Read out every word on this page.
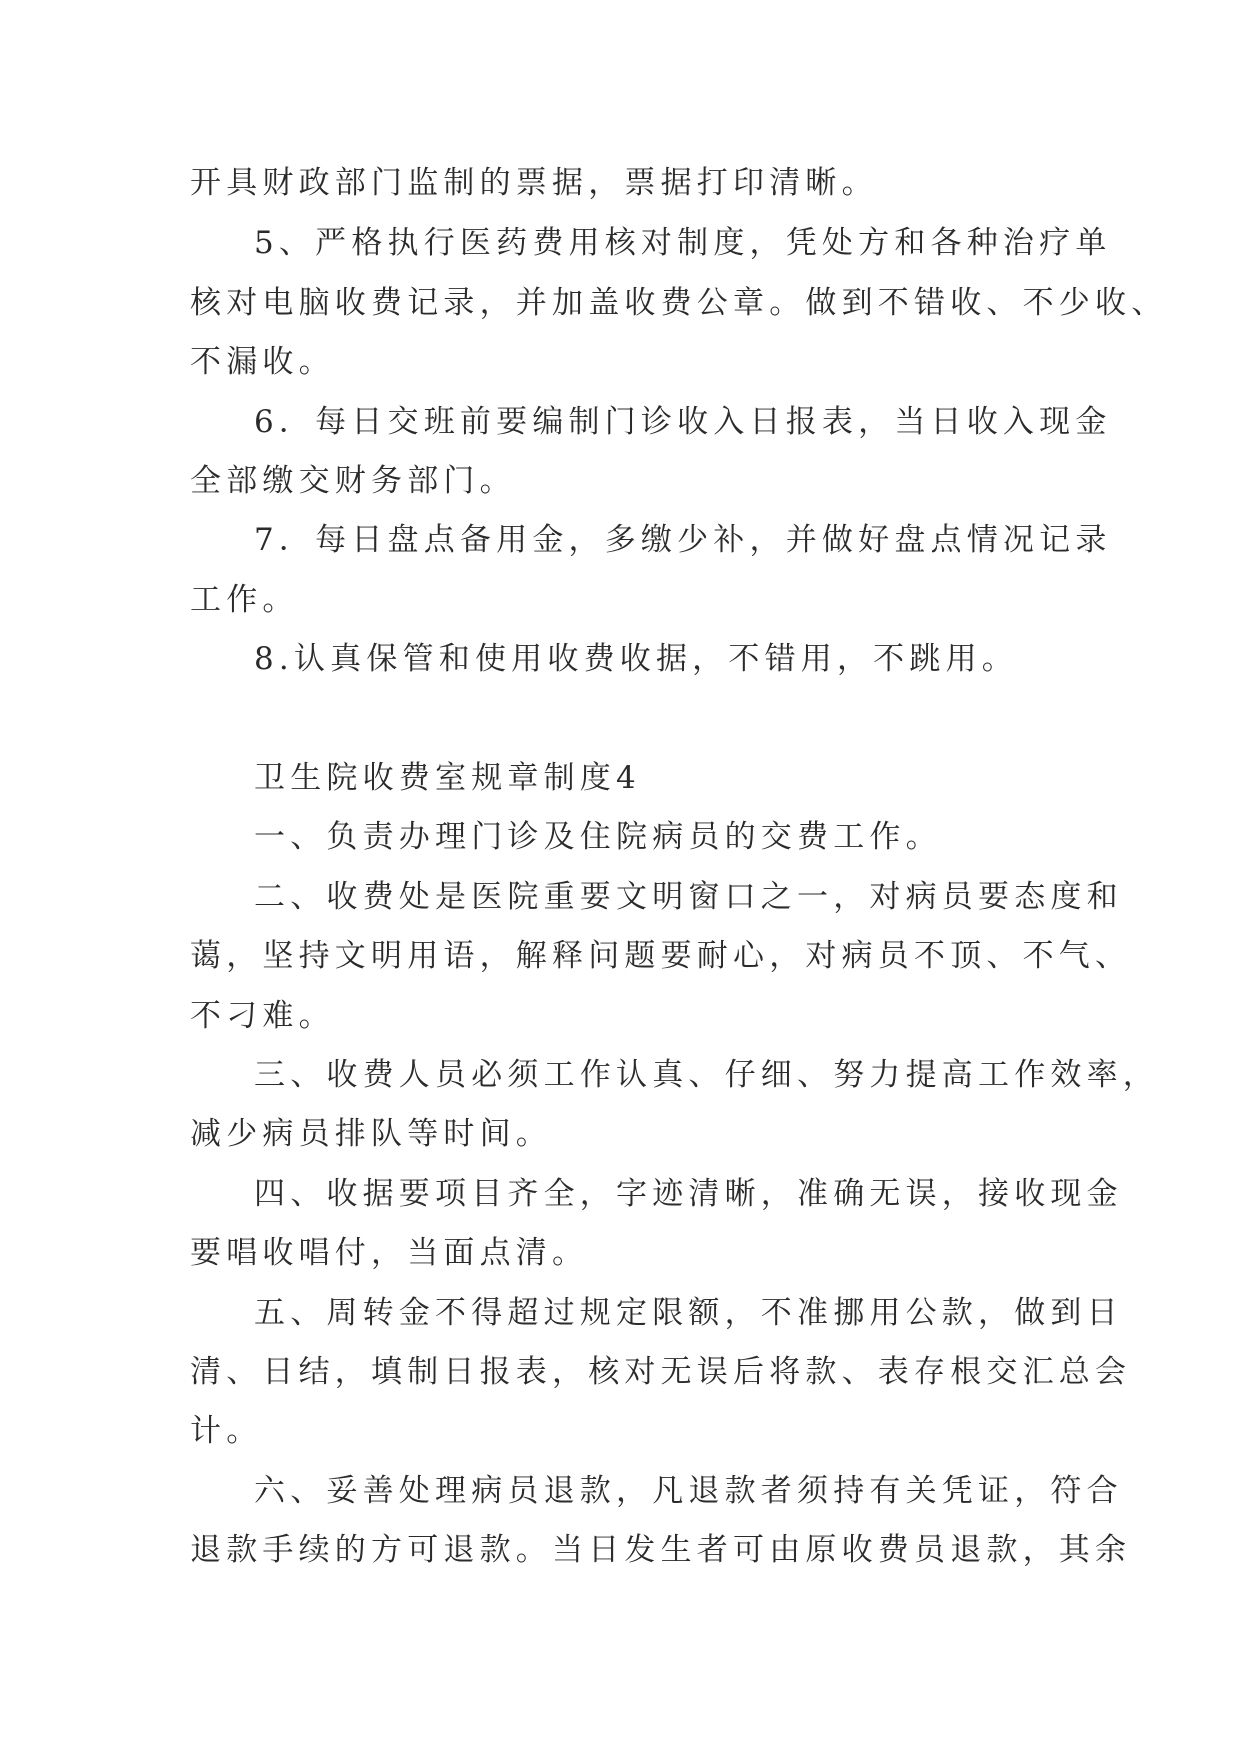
开具财政部门监制的票据，票据打印清晰。
5、严格执行医药费用核对制度，凭处方和各种治疗单
核对电脑收费记录，并加盖收费公章。做到不错收、不少收、
不漏收。
6．每日交班前要编制门诊收入日报表，当日收入现金
全部缴交财务部门。
7．每日盘点备用金，多缴少补，并做好盘点情况记录
工作。
8.认真保管和使用收费收据，不错用，不跳用。
卫生院收费室规章制度4
一、负责办理门诊及住院病员的交费工作。
二、收费处是医院重要文明窗口之一，对病员要态度和
蔼，坚持文明用语，解释问题要耐心，对病员不顶、不气、
不刁难。
三、收费人员必须工作认真、仔细、努力提高工作效率，
减少病员排队等时间。
四、收据要项目齐全，字迹清晰，准确无误，接收现金
要唱收唱付，当面点清。
五、周转金不得超过规定限额，不准挪用公款，做到日
清、日结，填制日报表，核对无误后将款、表存根交汇总会
计。
六、妥善处理病员退款，凡退款者须持有关凭证，符合
退款手续的方可退款。当日发生者可由原收费员退款，其余
